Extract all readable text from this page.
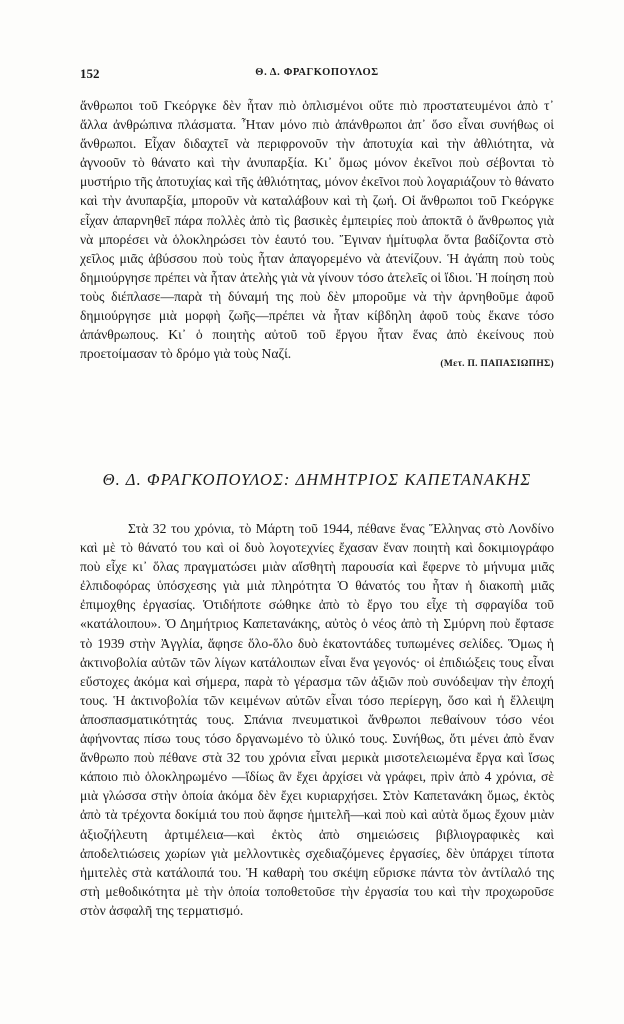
152	Θ. Δ. ΦΡΑΓΚΟΠΟΥΛΟΣ

ἄνθρωποι τοῦ Γκεόργκε δὲν ἦταν πιὸ ὁπλισμένοι οὔτε πιὸ προστατευμένοι ἀπὸ τ᾽ ἄλλα ἀνθρώπινα πλάσματα. Ἦταν μόνο πιὸ ἀπάνθρωποι ἀπ᾽ ὅσο εἶναι συνήθως οἱ ἄνθρωποι. Εἶχαν διδαχτεῖ νὰ περιφρονοῦν τὴν ἀποτυχία καὶ τὴν ἀθλιότητα, νὰ ἀγνοοῦν τὸ θάνατο καὶ τὴν ἀνυπαρξία. Κι᾽ ὅμως μόνον ἐκεῖνοι ποὺ σέβονται τὸ μυστήριο τῆς ἀποτυχίας καὶ τῆς ἀθλιότητας, μόνον ἐκεῖνοι ποὺ λογαριάζουν τὸ θάνατο καὶ τὴν ἀνυπαρξία, μποροῦν νὰ καταλάβουν καὶ τὴ ζωή. Οἱ ἄνθρωποι τοῦ Γκεόργκε εἶχαν ἀπαρνηθεῖ πάρα πολλὲς ἀπὸ τὶς βασικὲς ἐμπειρίες ποὺ ἀποκτᾶ ὁ ἄνθρωπος γιὰ νὰ μπορέσει νὰ ὁλοκληρώσει τὸν ἑαυτό του. Ἔγιναν ἡμίτυφλα ὄντα βαδίζοντα στὸ χεῖλος μιᾶς ἀβύσσου ποὺ τοὺς ἦταν ἀπαγορεμένο νὰ ἀτενίζουν. Ἡ ἀγάπη ποὺ τοὺς δημιούργησε πρέπει νὰ ἦταν ἀτελὴς γιὰ νὰ γίνουν τόσο ἀτελεῖς οἱ ἴδιοι. Ἡ ποίηση ποὺ τοὺς διέπλασε—παρὰ τὴ δύναμή της ποὺ δὲν μποροῦμε νὰ τὴν ἀρνηθοῦμε ἀφοῦ δημιούργησε μιὰ μορφὴ ζωῆς—πρέπει νὰ ἦταν κίβδηλη ἀφοῦ τοὺς ἔκανε τόσο ἀπάνθρωπους. Κι᾽ ὁ ποιητὴς αὐτοῦ τοῦ ἔργου ἦταν ἕνας ἀπὸ ἐκείνους ποὺ προετοίμασαν τὸ δρόμο γιὰ τοὺς Ναζί.

(Μετ. Π. ΠΑΠΑΣΙΩΠΗΣ)
Θ. Δ. ΦΡΑΓΚΟΠΟΥΛΟΣ: ΔΗΜΗΤΡΙΟΣ ΚΑΠΕΤΑΝΑΚΗΣ

Στὰ 32 του χρόνια, τὸ Μάρτη τοῦ 1944, πέθανε ἕνας Ἕλληνας στὸ Λονδίνο καὶ μὲ τὸ θάνατό του καὶ οἱ δυὸ λογοτεχνίες ἔχασαν ἕναν ποιητὴ καὶ δοκιμιογράφο ποὺ εἶχε κι᾽ ὅλας πραγματώσει μιὰν αἴσθητὴ παρουσία καὶ ἔφερνε τὸ μήνυμα μιᾶς ἐλπιδοφόρας ὑπόσχεσης γιὰ μιὰ πληρότητα Ὁ θάνατός του ἦταν ἡ διακοπὴ μιᾶς ἐπιμοχθης ἐργασίας. Ὁτιδήποτε σώθηκε ἀπὸ τὸ ἔργο του εἶχε τὴ σφραγίδα τοῦ «κατάλοιπου». Ὁ Δημήτριος Καπετανάκης, αὐτὸς ὁ νέος ἀπὸ τὴ Σμύρνη ποὺ ἔφτασε τὸ 1939 στὴν Ἀγγλία, ἄφησε ὅλο-ὅλο δυὸ ἑκατοντάδες τυπωμένες σελίδες. Ὅμως ἡ ἀκτινοβολία αὐτῶν τῶν λίγων κατάλοιπων εἶναι ἕνα γεγονός· οἱ ἐπιδιώξεις τους εἶναι εὔστοχες ἀκόμα καὶ σήμερα, παρὰ τὸ γέρασμα τῶν ἀξιῶν ποὺ συνόδεψαν τὴν ἐποχή τους. Ἡ ἀκτινοβολία τῶν κειμένων αὐτῶν εἶναι τόσο περίεργη, ὅσο καὶ ἡ ἔλλειψη ἀποσπασματικότητάς τους. Σπάνια πνευματικοὶ ἄνθρωποι πεθαίνουν τόσο νέοι ἀφήνοντας πίσω τους τόσο δργανωμένο τὸ ὑλικό τους. Συνήθως, ὅτι μένει ἀπὸ ἕναν ἄνθρωπο ποὺ πέθανε στὰ 32 του χρόνια εἶναι μερικὰ μισοτελειωμένα ἔργα καὶ ἴσως κάποιο πιὸ ὁλοκληρωμένο —ἴδίως ἂν ἔχει ἀρχίσει νὰ γράφει, πρὶν ἀπὸ 4 χρόνια, σὲ μιὰ γλώσσα στὴν ὁποία ἀκόμα δὲν ἔχει κυριαρχήσει. Στὸν Καπετανάκη ὅμως, ἐκτὸς ἀπὸ τὰ τρέχοντα δοκίμιά του ποὺ ἄφησε ἡμιτελῆ—καὶ ποὺ καὶ αὐτὰ ὅμως ἔχουν μιὰν ἀξιοζήλευτη ἀρτιμέλεια—καὶ ἐκτὸς ἀπὸ σημειώσεις βιβλιογραφικὲς καὶ ἀποδελτιώσεις χωρίων γιὰ μελλοντικὲς σχεδιαζόμενες ἐργασίες, δὲν ὑπάρχει τίποτα ἡμιτελὲς στὰ κατάλοιπά του. Ἡ καθαρὴ του σκέψη εὕρισκε πάντα τὸν ἀντίλαλό της στὴ μεθοδικότητα μὲ τὴν ὁποία τοποθετοῦσε τὴν ἐργασία του καὶ τὴν προχωροῦσε στὸν ἀσφαλῆ της τερματισμό.
